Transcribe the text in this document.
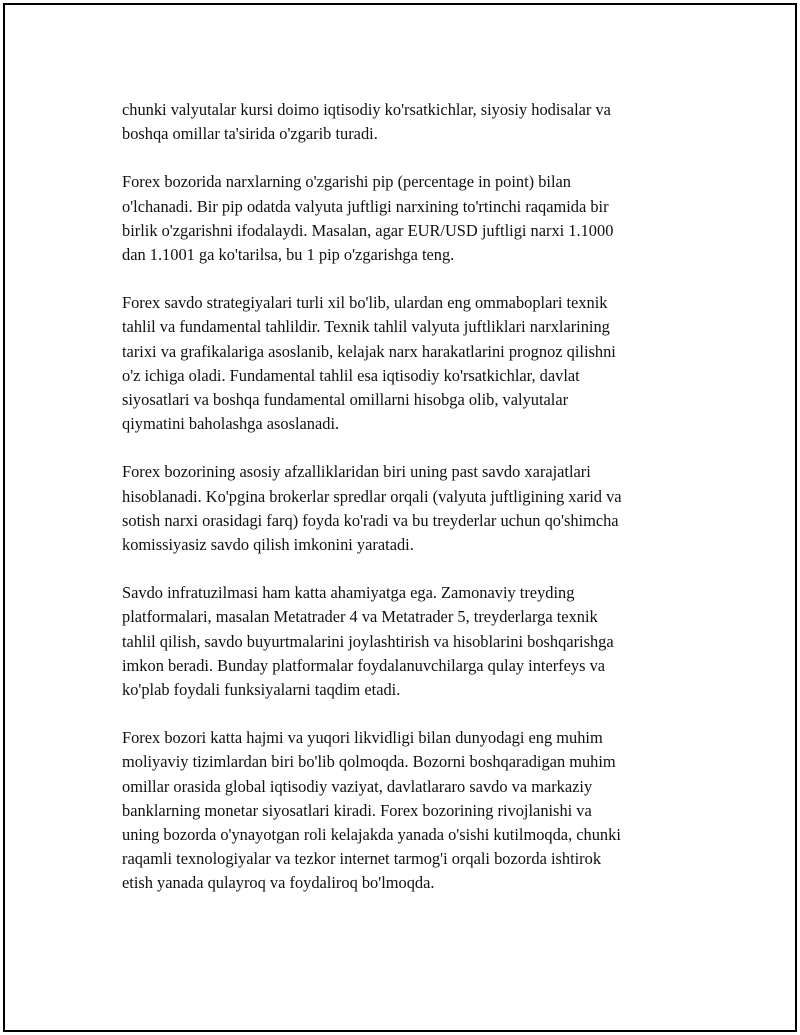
chunki valyutalar kursi doimo iqtisodiy ko'rsatkichlar, siyosiy hodisalar va
boshqa omillar ta'sirida o'zgarib turadi.

Forex bozorida narxlarning o'zgarishi pip (percentage in point) bilan
o'lchanadi. Bir pip odatda valyuta juftligi narxining to'rtinchi raqamida bir
birlik o'zgarishni ifodalaydi. Masalan, agar EUR/USD juftligi narxi 1.1000
dan 1.1001 ga ko'tarilsa, bu 1 pip o'zgarishga teng.

Forex savdo strategiyalari turli xil bo'lib, ulardan eng ommaboplari texnik
tahlil va fundamental tahlildir. Texnik tahlil valyuta juftliklari narxlarining
tarixi va grafikalariga asoslanib, kelajak narx harakatlarini prognoz qilishni
o'z ichiga oladi. Fundamental tahlil esa iqtisodiy ko'rsatkichlar, davlat
siyosatlari va boshqa fundamental omillarni hisobga olib, valyutalar
qiymatini baholashga asoslanadi.

Forex bozorining asosiy afzalliklaridan biri uning past savdo xarajatlari
hisoblanadi. Ko'pgina brokerlar spredlar orqali (valyuta juftligining xarid va
sotish narxi orasidagi farq) foyda ko'radi va bu treyderlar uchun qo'shimcha
komissiyasiz savdo qilish imkonini yaratadi.

Savdo infratuzilmasi ham katta ahamiyatga ega. Zamonaviy treyding
platformalari, masalan Metatrader 4 va Metatrader 5, treyderlarga texnik
tahlil qilish, savdo buyurtmalarini joylashtirish va hisoblarini boshqarishga
imkon beradi. Bunday platformalar foydalanuvchilarga qulay interfeys va
ko'plab foydali funksiyalarni taqdim etadi.

Forex bozori katta hajmi va yuqori likvidligi bilan dunyodagi eng muhim
moliyaviy tizimlardan biri bo'lib qolmoqda. Bozorni boshqaradigan muhim
omillar orasida global iqtisodiy vaziyat, davlatlararo savdo va markaziy
banklarning monetar siyosatlari kiradi. Forex bozorining rivojlanishi va
uning bozorda o'ynayotgan roli kelajakda yanada o'sishi kutilmoqda, chunki
raqamli texnologiyalar va tezkor internet tarmog'i orqali bozorda ishtirok
etish yanada qulayroq va foydaliroq bo'lmoqda.
